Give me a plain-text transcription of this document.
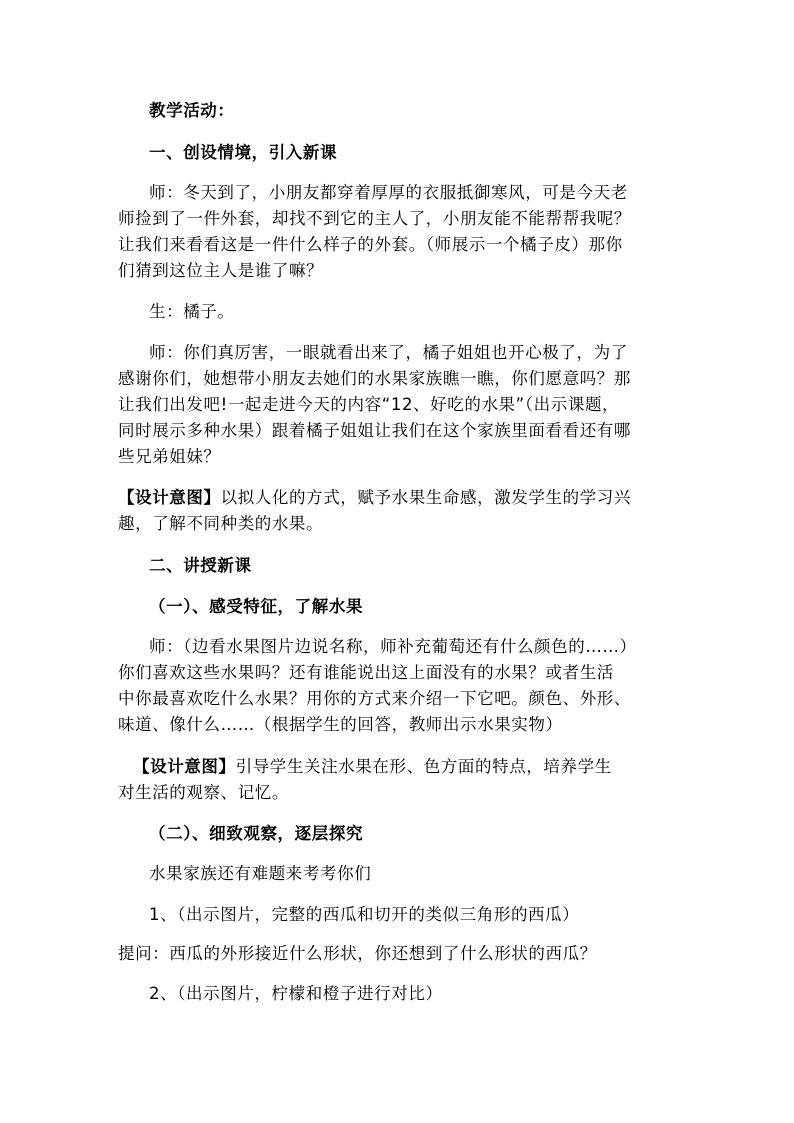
教学活动：
一、创设情境，引入新课
师：冬天到了，小朋友都穿着厚厚的衣服抵御寒风，可是今天老
师捡到了一件外套，却找不到它的主人了，小朋友能不能帮帮我呢？
让我们来看看这是一件什么样子的外套。（师展示一个橘子皮）那你
们猜到这位主人是谁了嘛？
生：橘子。
师：你们真厉害，一眼就看出来了，橘子姐姐也开心极了，为了
感谢你们，她想带小朋友去她们的水果家族瞧一瞧，你们愿意吗？那
让我们出发吧!一起走进今天的内容“12、好吃的水果”（出示课题，
同时展示多种水果）跟着橘子姐姐让我们在这个家族里面看看还有哪
些兄弟姐妹？
【设计意图】以拟人化的方式，赋予水果生命感，激发学生的学习兴
趣，了解不同种类的水果。
二、讲授新课
（一）、感受特征，了解水果
师：（边看水果图片边说名称，师补充葡萄还有什么颜色的……）
你们喜欢这些水果吗？还有谁能说出这上面没有的水果？或者生活
中你最喜欢吃什么水果？用你的方式来介绍一下它吧。颜色、外形、
味道、像什么……（根据学生的回答，教师出示水果实物）
【设计意图】引导学生关注水果在形、色方面的特点，培养学生
对生活的观察、记忆。
（二）、细致观察，逐层探究
水果家族还有难题来考考你们
1、（出示图片，完整的西瓜和切开的类似三角形的西瓜）
提问：西瓜的外形接近什么形状，你还想到了什么形状的西瓜？
2、（出示图片，柠檬和橙子进行对比）
